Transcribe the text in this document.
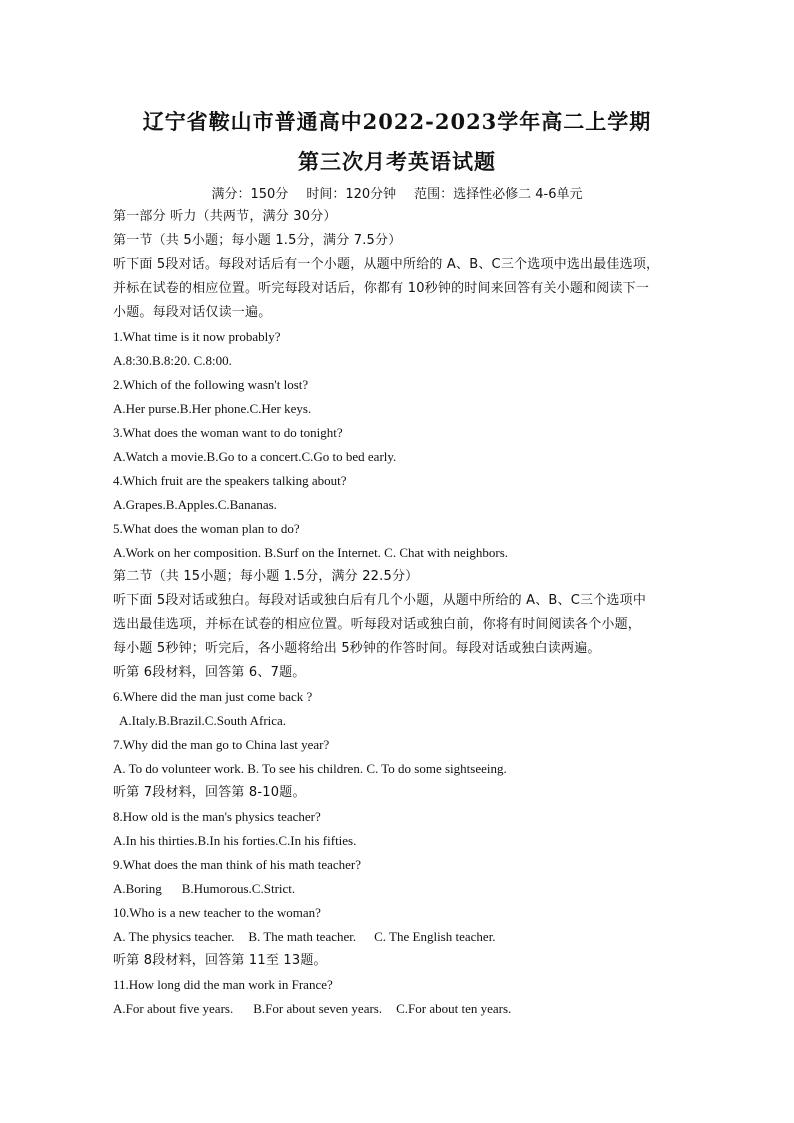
辽宁省鞍山市普通高中2022-2023学年高二上学期
第三次月考英语试题
满分：150分 时间：120分钟 范围：选择性必修二 4-6单元
第一部分 听力（共两节，满分 30分）
第一节（共 5小题；每小题 1.5分，满分 7.5分）
听下面 5段对话。每段对话后有一个小题，从题中所给的 A、B、C三个选项中选出最佳选项，
并标在试卷的相应位置。听完每段对话后，你都有 10秒钟的时间来回答有关小题和阅读下一
小题。每段对话仅读一遍。
1.What time is it now probably?
A.8:30.B.8:20. C.8:00.
2.Which of the following wasn't lost?
A.Her purse.B.Her phone.C.Her keys.
3.What does the woman want to do tonight?
A.Watch a movie.B.Go to a concert.C.Go to bed early.
4.Which fruit are the speakers talking about?
A.Grapes.B.Apples.C.Bananas.
5.What does the woman plan to do?
A.Work on her composition. B.Surf on the Internet. C. Chat with neighbors.
第二节（共 15小题；每小题 1.5分，满分 22.5分）
听下面 5段对话或独白。每段对话或独白后有几个小题，从题中所给的 A、B、C三个选项中
选出最佳选项，并标在试卷的相应位置。听每段对话或独白前，你将有时间阅读各个小题，
每小题 5秒钟；听完后，各小题将给出 5秒钟的作答时间。每段对话或独白读两遍。
听第 6段材料，回答第 6、7题。
6.Where did the man just come back ?
A.Italy.B.Brazil.C.South Africa.
7.Why did the man go to China last year?
A. To do volunteer work. B. To see his children. C. To do some sightseeing.
听第 7段材料，回答第 8-10题。
8.How old is the man's physics teacher?
A.In his thirties.B.In his forties.C.In his fifties.
9.What does the man think of his math teacher?
A.Boring B.Humorous.C.Strict.
10.Who is a new teacher to the woman?
A. The physics teacher. B. The math teacher. C. The English teacher.
听第 8段材料，回答第 11至 13题。
11.How long did the man work in France?
A.For about five years. B.For about seven years. C.For about ten years.
